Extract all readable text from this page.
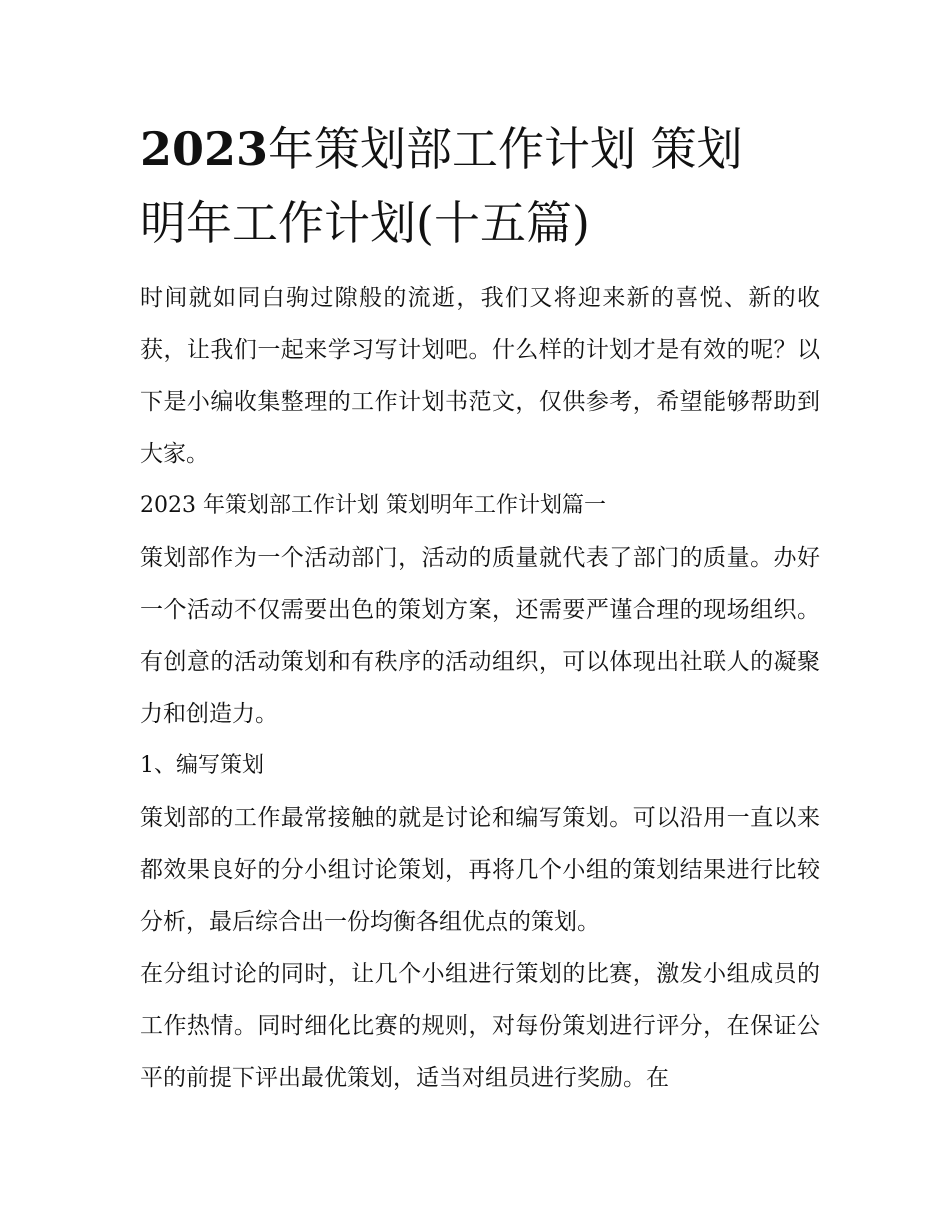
2023年策划部工作计划 策划
明年工作计划(十五篇)

时间就如同白驹过隙般的流逝，我们又将迎来新的喜悦、新的收获，让我们一起来学习写计划吧。什么样的计划才是有效的呢？以下是小编收集整理的工作计划书范文，仅供参考，希望能够帮助到大家。

2023 年策划部工作计划 策划明年工作计划篇一

策划部作为一个活动部门，活动的质量就代表了部门的质量。办好一个活动不仅需要出色的策划方案，还需要严谨合理的现场组织。有创意的活动策划和有秩序的活动组织，可以体现出社联人的凝聚力和创造力。

1、编写策划

策划部的工作最常接触的就是讨论和编写策划。可以沿用一直以来都效果良好的分小组讨论策划，再将几个小组的策划结果进行比较分析，最后综合出一份均衡各组优点的策划。

在分组讨论的同时，让几个小组进行策划的比赛，激发小组成员的工作热情。同时细化比赛的规则，对每份策划进行评分，在保证公平的前提下评出最优策划，适当对组员进行奖励。在
